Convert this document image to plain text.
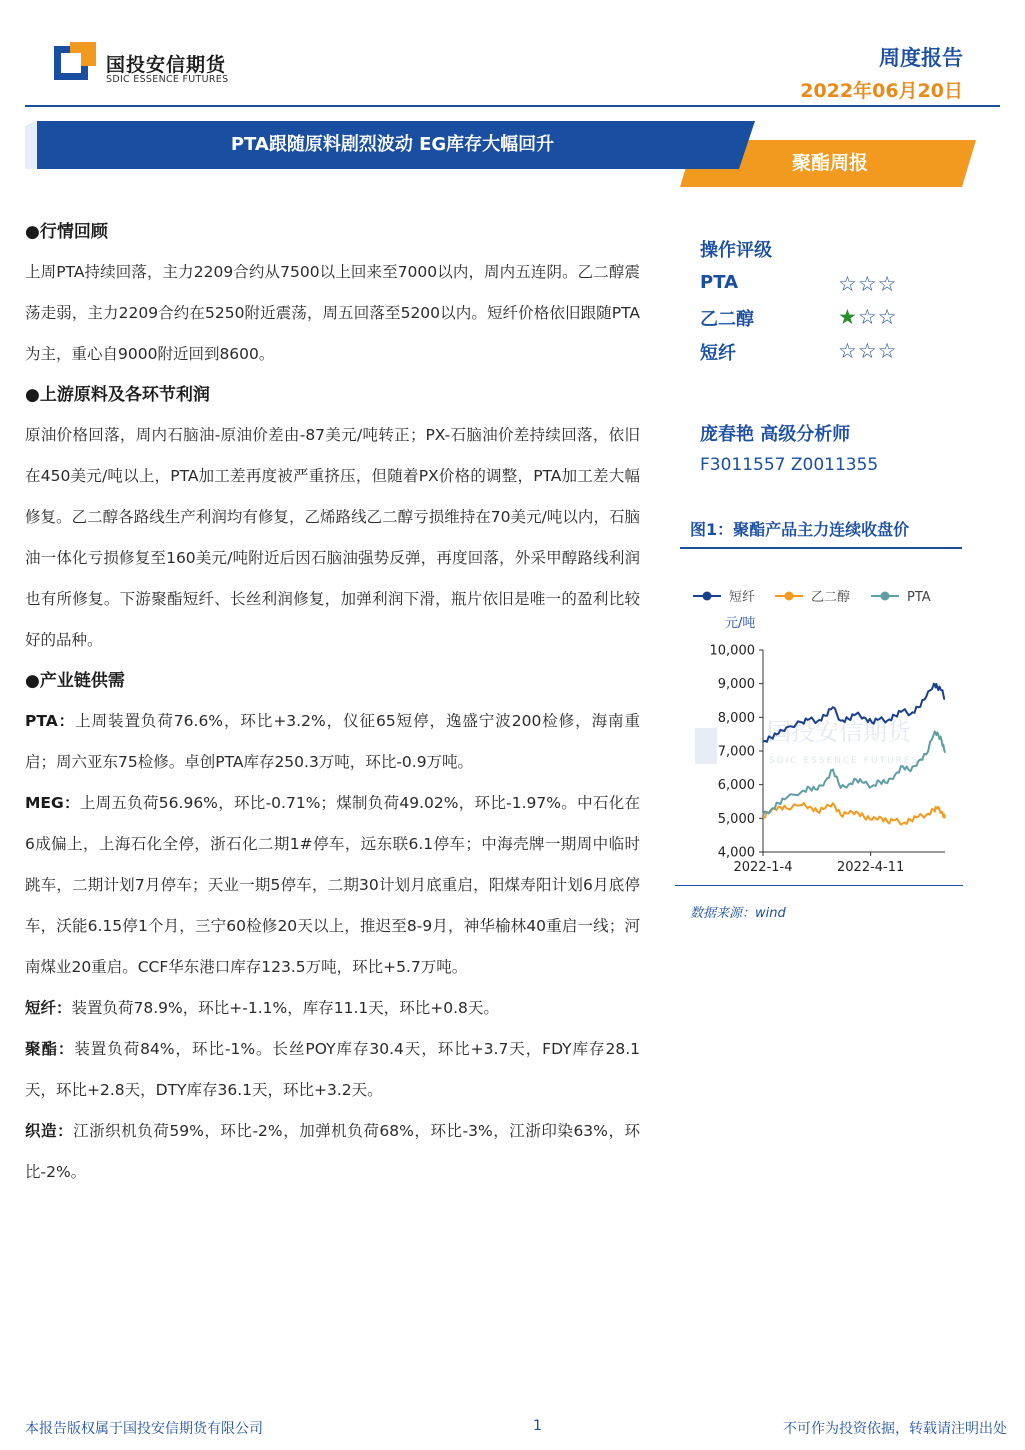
国投安信期货
SDIC ESSENCE FUTURES
周度报告
2022年06月20日
PTA跟随原料剧烈波动 EG库存大幅回升
聚酯周报
●行情回顾

上周PTA持续回落，主力2209合约从7500以上回来至7000以内，周内五连阴。乙二醇震荡走弱，主力2209合约在5250附近震荡，周五回落至5200以内。短纤价格依旧跟随PTA为主，重心自9000附近回到8600。

●上游原料及各环节利润

原油价格回落，周内石脑油-原油价差由-87美元/吨转正；PX-石脑油价差持续回落，依旧在450美元/吨以上，PTA加工差再度被严重挤压，但随着PX价格的调整，PTA加工差大幅修复。乙二醇各路线生产利润均有修复，乙烯路线乙二醇亏损维持在70美元/吨以内，石脑油一体化亏损修复至160美元/吨附近后因石脑油强势反弹，再度回落，外采甲醇路线利润也有所修复。下游聚酯短纤、长丝利润修复，加弹利润下滑，瓶片依旧是唯一的盈利比较好的品种。

●产业链供需

PTA：上周装置负荷76.6%，环比+3.2%，仪征65短停，逸盛宁波200检修，海南重启；周六亚东75检修。卓创PTA库存250.3万吨，环比-0.9万吨。

MEG：上周五负荷56.96%，环比-0.71%；煤制负荷49.02%，环比-1.97%。中石化在6成偏上，上海石化全停，浙石化二期1#停车，远东联6.1停车；中海壳牌一期周中临时跳车，二期计划7月停车；天业一期5停车，二期30计划月底重启，阳煤寿阳计划6月底停车，沃能6.15停1个月，三宁60检修20天以上，推迟至8-9月，神华榆林40重启一线；河南煤业20重启。CCF华东港口库存123.5万吨，环比+5.7万吨。

短纤：装置负荷78.9%，环比+-1.1%，库存11.1天，环比+0.8天。

聚酯：装置负荷84%，环比-1%。长丝POY库存30.4天，环比+3.7天，FDY库存28.1天，环比+2.8天，DTY库存36.1天，环比+3.2天。

织造：江浙织机负荷59%，环比-2%，加弹机负荷68%，环比-3%，江浙印染63%，环比-2%。

操作评级
PTA	☆☆☆
乙二醇	★☆☆
短纤	☆☆☆
庞春艳 高级分析师
F3011557 Z0011355
图1：聚酯产品主力连续收盘价
国投安信期货
SDIC ESSENCE FUTURES
短纤	乙二醇	PTA
元/吨
4,000
5,000
6,000
7,000
8,000
9,000
10,000
2022-1-4	2022-4-11
数据来源：wind
本报告版权属于国投安信期货有限公司	1	不可作为投资依据，转载请注明出处
